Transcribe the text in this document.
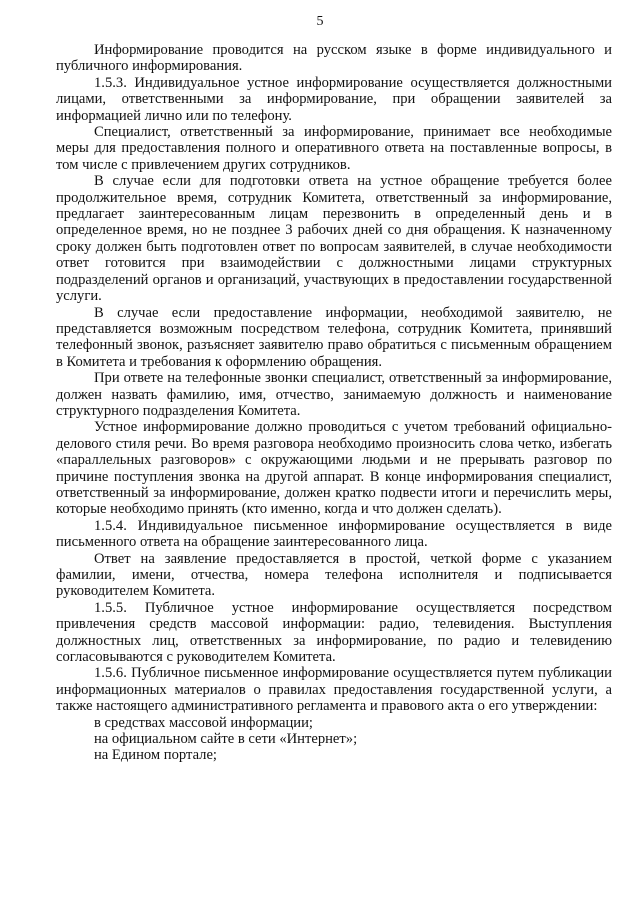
5

Информирование проводится на русском языке в форме индивидуального и публичного информирования.

1.5.3. Индивидуальное устное информирование осуществляется должностными лицами, ответственными за информирование, при обращении заявителей за информацией лично или по телефону.

Специалист, ответственный за информирование, принимает все необходимые меры для предоставления полного и оперативного ответа на поставленные вопросы, в том числе с привлечением других сотрудников.

В случае если для подготовки ответа на устное обращение требуется более продолжительное время, сотрудник Комитета, ответственный за информирование, предлагает заинтересованным лицам перезвонить в определенный день и в определенное время, но не позднее 3 рабочих дней со дня обращения. К назначенному сроку должен быть подготовлен ответ по вопросам заявителей, в случае необходимости ответ готовится при взаимодействии с должностными лицами структурных подразделений органов и организаций, участвующих в предоставлении государственной услуги.

В случае если предоставление информации, необходимой заявителю, не представляется возможным посредством телефона, сотрудник Комитета, принявший телефонный звонок, разъясняет заявителю право обратиться с письменным обращением в Комитета и требования к оформлению обращения.

При ответе на телефонные звонки специалист, ответственный за информирование, должен назвать фамилию, имя, отчество, занимаемую должность и наименование структурного подразделения Комитета.

Устное информирование должно проводиться с учетом требований официально-делового стиля речи. Во время разговора необходимо произносить слова четко, избегать «параллельных разговоров» с окружающими людьми и не прерывать разговор по причине поступления звонка на другой аппарат. В конце информирования специалист, ответственный за информирование, должен кратко подвести итоги и перечислить меры, которые необходимо принять (кто именно, когда и что должен сделать).

1.5.4. Индивидуальное письменное информирование осуществляется в виде письменного ответа на обращение заинтересованного лица.

Ответ на заявление предоставляется в простой, четкой форме с указанием фамилии, имени, отчества, номера телефона исполнителя и подписывается руководителем Комитета.

1.5.5. Публичное устное информирование осуществляется посредством привлечения средств массовой информации: радио, телевидения. Выступления должностных лиц, ответственных за информирование, по радио и телевидению согласовываются с руководителем Комитета.

1.5.6. Публичное письменное информирование осуществляется путем публикации информационных материалов о правилах предоставления государственной услуги, а также настоящего административного регламента и правового акта о его утверждении:

в средствах массовой информации;

на официальном сайте в сети «Интернет»;

на Едином портале;
